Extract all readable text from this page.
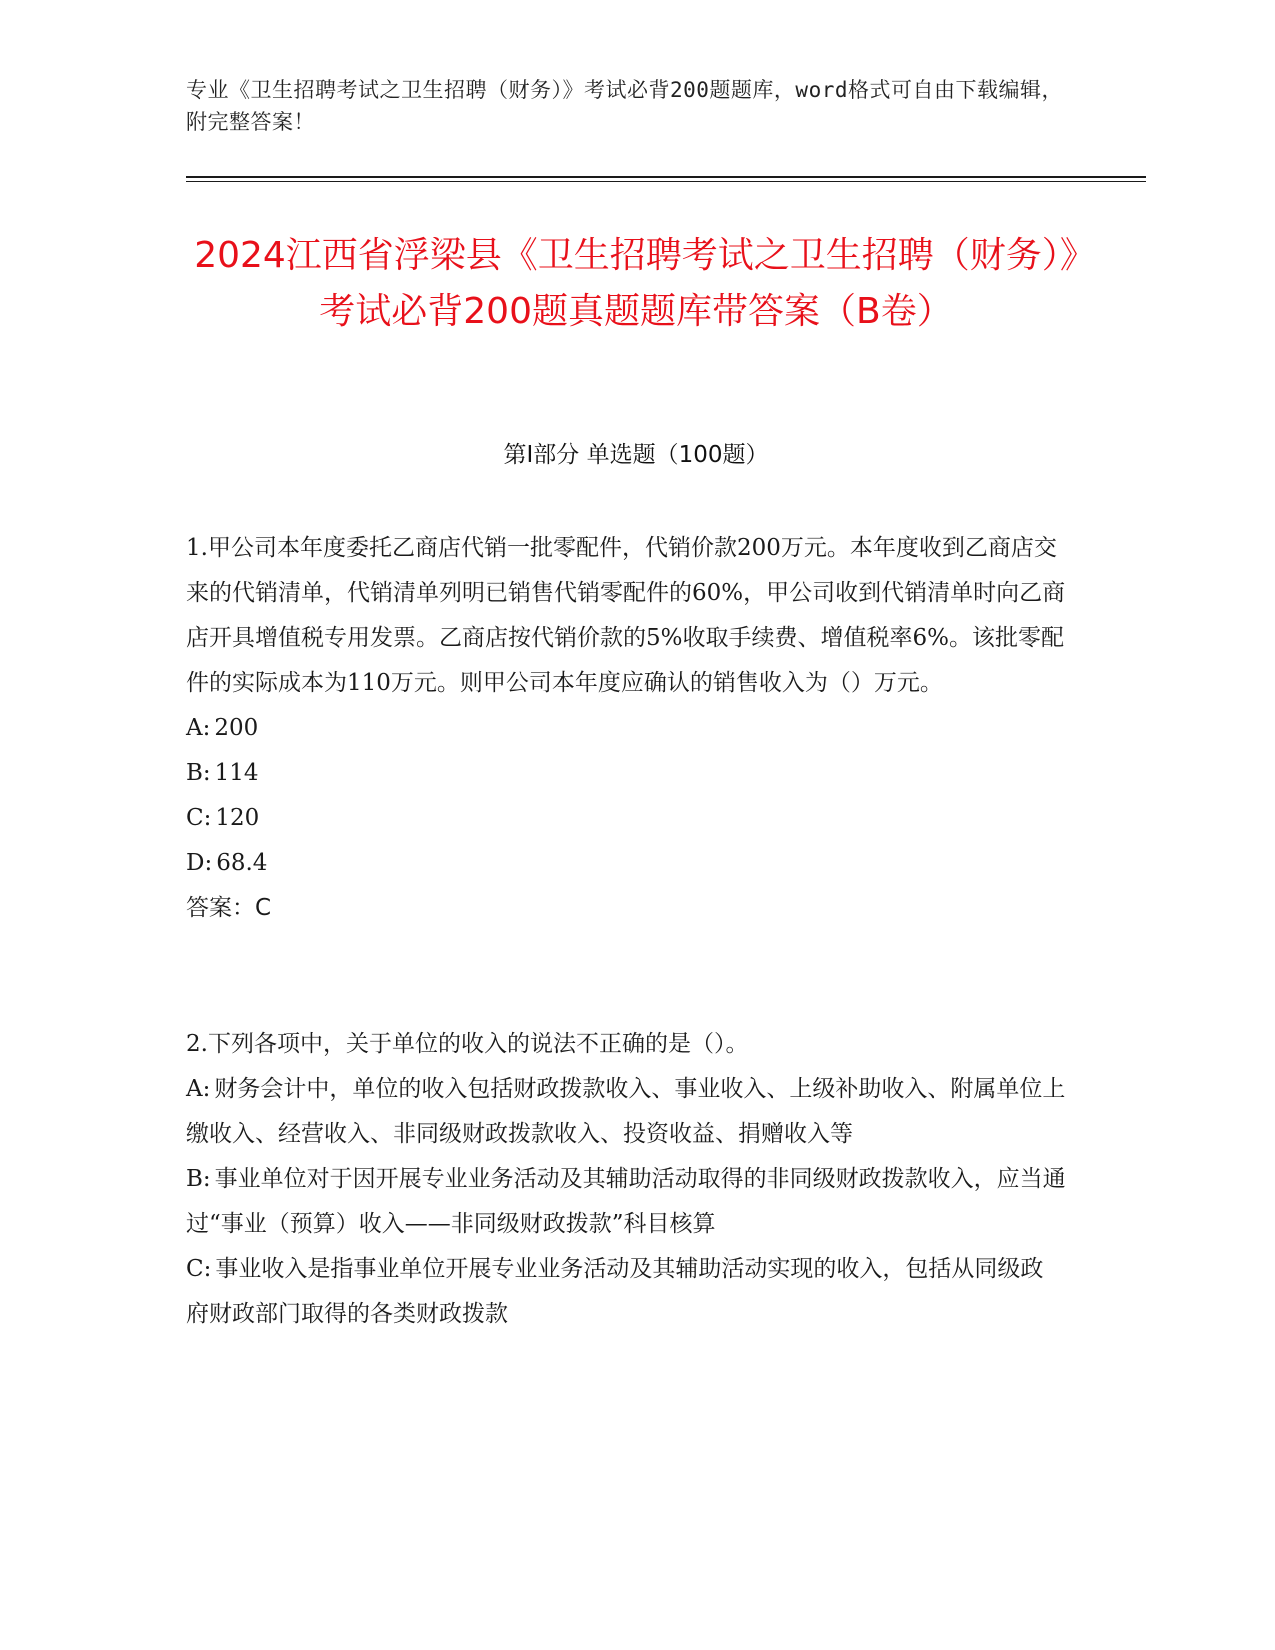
专业《卫生招聘考试之卫生招聘（财务）》考试必背200题题库，word格式可自由下载编辑，附完整答案！
2024江西省浮梁县《卫生招聘考试之卫生招聘（财务）》考试必背200题真题题库带答案（B卷）
第Ⅰ部分 单选题（100题）

1.甲公司本年度委托乙商店代销一批零配件，代销价款200万元。本年度收到乙商店交来的代销清单，代销清单列明已销售代销零配件的60%，甲公司收到代销清单时向乙商店开具增值税专用发票。乙商店按代销价款的5%收取手续费、增值税率6%。该批零配件的实际成本为110万元。则甲公司本年度应确认的销售收入为（）万元。

A: 200

B: 114

C: 120

D: 68.4

答案：C

2.下列各项中，关于单位的收入的说法不正确的是（）。

A: 财务会计中，单位的收入包括财政拨款收入、事业收入、上级补助收入、附属单位上缴收入、经营收入、非同级财政拨款收入、投资收益、捐赠收入等

B: 事业单位对于因开展专业业务活动及其辅助活动取得的非同级财政拨款收入，应当通过“事业（预算）收入——非同级财政拨款”科目核算

C: 事业收入是指事业单位开展专业业务活动及其辅助活动实现的收入，包括从同级政府财政部门取得的各类财政拨款
